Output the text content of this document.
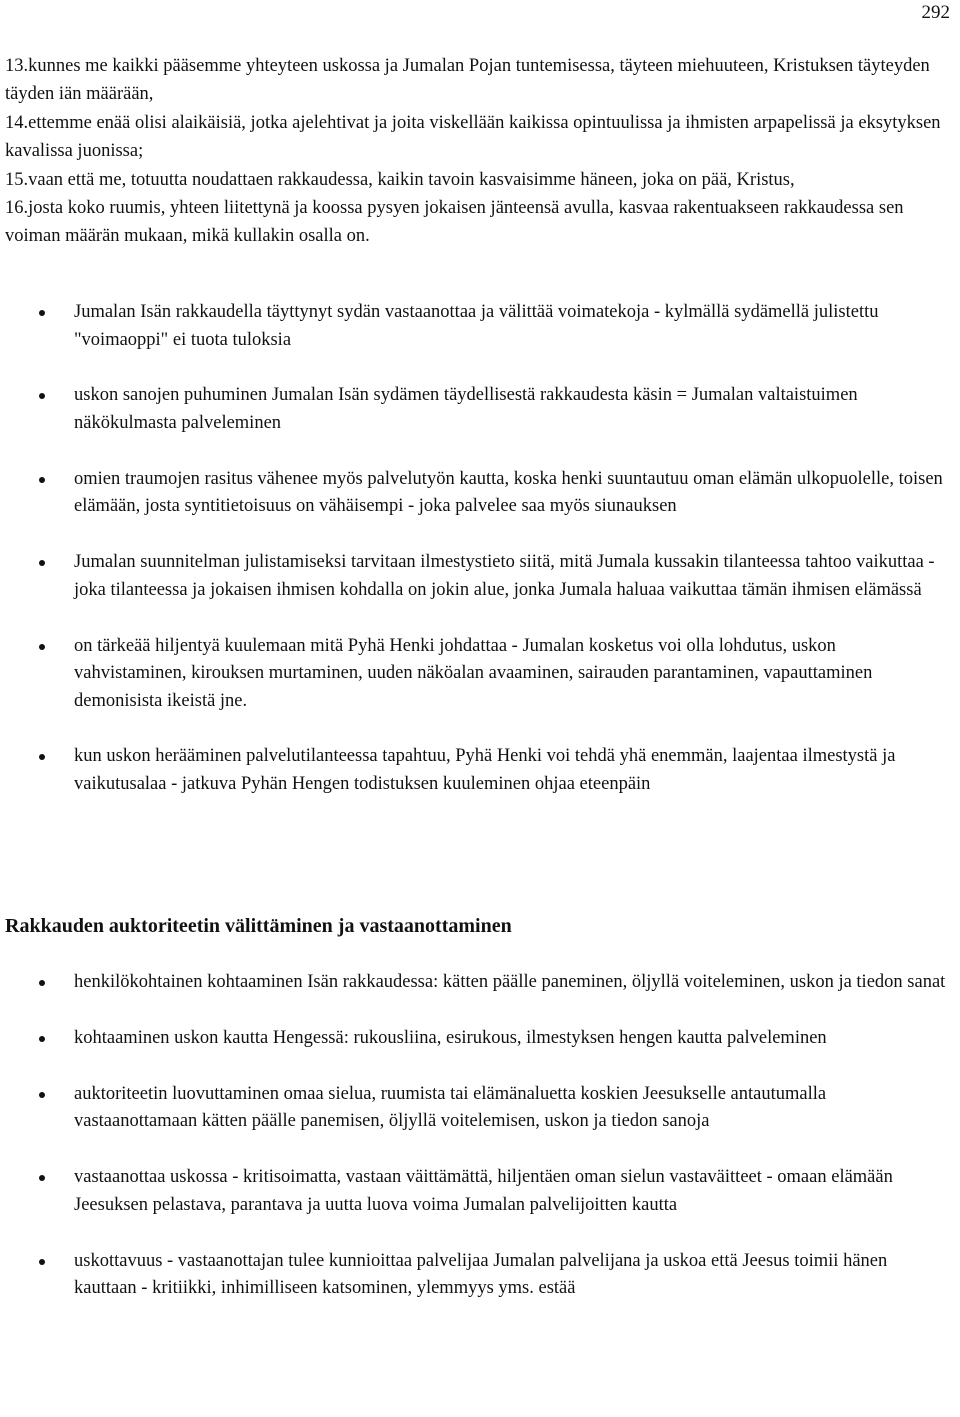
292

13.kunnes me kaikki pääsemme yhteyteen uskossa ja Jumalan Pojan tuntemisessa, täyteen miehuuteen, Kristuksen täyteyden täyden iän määrään,

14.ettemme enää olisi alaikäisiä, jotka ajelehtivat ja joita viskellään kaikissa opintuulissa ja ihmisten arpapelissä ja eksytyksen kavalissa juonissa;

15.vaan että me, totuutta noudattaen rakkaudessa, kaikin tavoin kasvaisimme häneen, joka on pää, Kristus,

16.josta koko ruumis, yhteen liitettynä ja koossa pysyen jokaisen jänteensä avulla, kasvaa rakentuakseen rakkaudessa sen voiman määrän mukaan, mikä kullakin osalla on.

Jumalan Isän rakkaudella täyttynyt sydän vastaanottaa ja välittää voimatekoja - kylmällä sydämellä julistettu "voimaoppi" ei tuota tuloksia
uskon sanojen puhuminen Jumalan Isän sydämen täydellisestä rakkaudesta käsin = Jumalan valtaistuimen näkökulmasta palveleminen
omien traumojen rasitus vähenee myös palvelutyön kautta, koska henki suuntautuu oman elämän ulkopuolelle, toisen elämään, josta syntitietoisuus on vähäisempi - joka palvelee saa myös siunauksen
Jumalan suunnitelman julistamiseksi tarvitaan ilmestystieto siitä, mitä Jumala kussakin tilanteessa tahtoo vaikuttaa - joka tilanteessa ja jokaisen ihmisen kohdalla on jokin alue, jonka Jumala haluaa vaikuttaa tämän ihmisen elämässä
on tärkeää hiljentyä kuulemaan mitä Pyhä Henki johdattaa - Jumalan kosketus voi olla lohdutus, uskon vahvistaminen, kirouksen murtaminen, uuden näköalan avaaminen, sairauden parantaminen, vapauttaminen demonisista ikeistä jne.
kun uskon herääminen palvelutilanteessa tapahtuu, Pyhä Henki voi tehdä yhä enemmän, laajentaa ilmestystä ja vaikutusalaa - jatkuva Pyhän Hengen todistuksen kuuleminen ohjaa eteenpäin
Rakkauden auktoriteetin välittäminen ja vastaanottaminen
henkilökohtainen kohtaaminen Isän rakkaudessa: kätten päälle paneminen, öljyllä voiteleminen, uskon ja tiedon sanat
kohtaaminen uskon kautta Hengessä: rukousliina, esirukous, ilmestyksen hengen kautta palveleminen
auktoriteetin luovuttaminen omaa sielua, ruumista tai elämänaluetta koskien Jeesukselle antautumalla vastaanottamaan kätten päälle panemisen, öljyllä voitelemisen, uskon ja tiedon sanoja
vastaanottaa uskossa - kritisoimatta, vastaan väittämättä, hiljentäen oman sielun vastaväitteet - omaan elämään Jeesuksen pelastava, parantava ja uutta luova voima Jumalan palvelijoitten kautta
uskottavuus - vastaanottajan tulee kunnioittaa palvelijaa Jumalan palvelijana ja uskoa että Jeesus toimii hänen kauttaan - kritiikki, inhimilliseen katsominen, ylemmyys yms. estää
